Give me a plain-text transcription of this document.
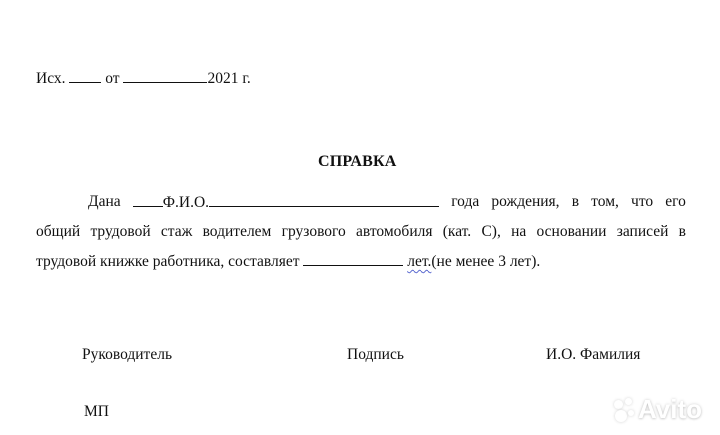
Исх.	от	2021 г.
СПРАВКА
Дана	Ф.И.О.	года рождения, в том, что его
общий трудовой стаж водителем грузового автомобиля (кат. С), на основании записей в
трудовой книжке работника, составляет	лет.(не менее 3 лет).
Руководитель	Подпись	И.О. Фамилия
МП	Avito
